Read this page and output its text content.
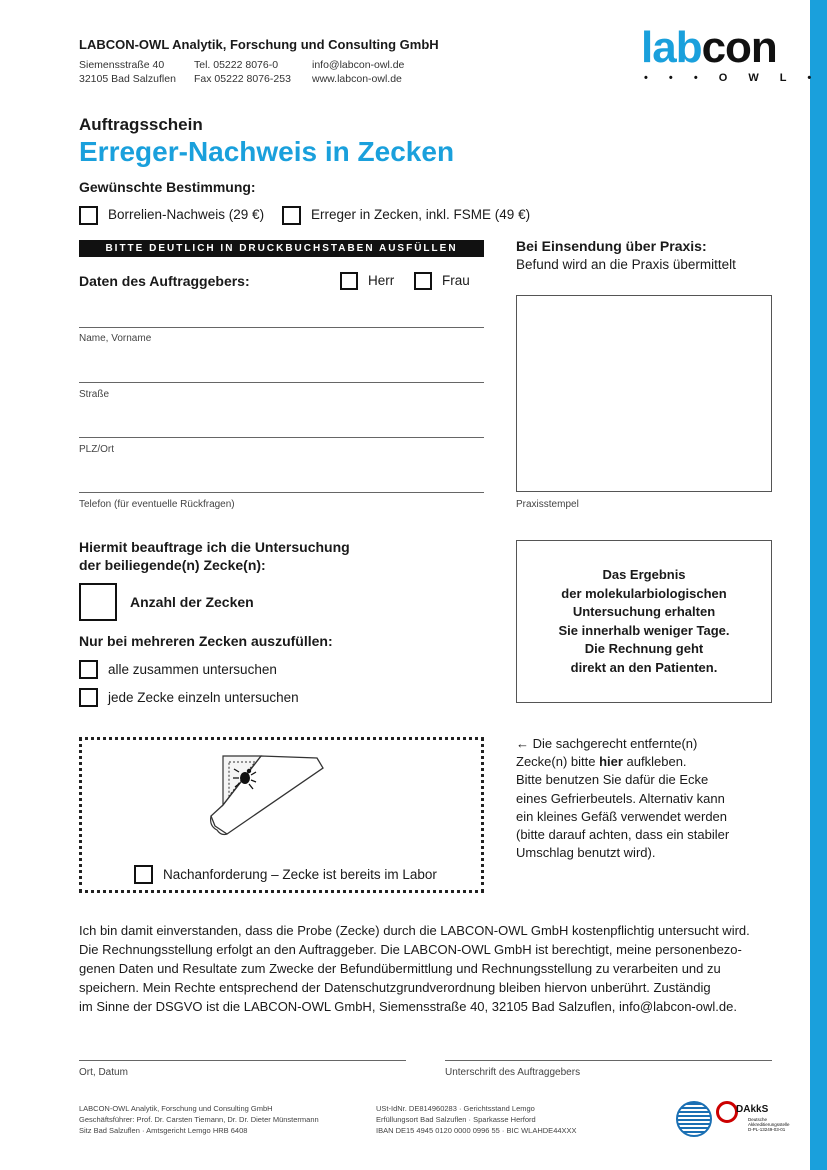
LABCON-OWL Analytik, Forschung und Consulting GmbH
Siemensstraße 40
32105 Bad Salzuflen
Tel. 05222 8076-0
Fax 05222 8076-253
info@labcon-owl.de
www.labcon-owl.de
labcon
• • • O W L •
Auftragsschein
Erreger-Nachweis in Zecken
Gewünschte Bestimmung:
Borrelien-Nachweis (29 €)	Erreger in Zecken, inkl. FSME (49 €)
BITTE DEUTLICH IN DRUCKBUCHSTABEN AUSFÜLLEN
Daten des Auftraggebers:	Herr	Frau
Name, Vorname
Straße
PLZ/Ort
Telefon (für eventuelle Rückfragen)
Bei Einsendung über Praxis:
Befund wird an die Praxis übermittelt
Praxisstempel
Hiermit beauftrage ich die Untersuchung
der beiliegende(n) Zecke(n):
Anzahl der Zecken
Nur bei mehreren Zecken auszufüllen:
alle zusammen untersuchen
jede Zecke einzeln untersuchen
Das Ergebnis
der molekularbiologischen
Untersuchung erhalten
Sie innerhalb weniger Tage.
Die Rechnung geht
direkt an den Patienten.
Nachanforderung – Zecke ist bereits im Labor
← Die sachgerecht entfernte(n)
Zecke(n) bitte hier aufkleben.
Bitte benutzen Sie dafür die Ecke
eines Gefrierbeutels. Alternativ kann
ein kleines Gefäß verwendet werden
(bitte darauf achten, dass ein stabiler
Umschlag benutzt wird).
Ich bin damit einverstanden, dass die Probe (Zecke) durch die LABCON-OWL GmbH kostenpflichtig untersucht wird.
Die Rechnungsstellung erfolgt an den Auftraggeber. Die LABCON-OWL GmbH ist berechtigt, meine personenbezo-
genen Daten und Resultate zum Zwecke der Befundübermittlung und Rechnungsstellung zu verarbeiten und zu
speichern. Mein Rechte entsprechend der Datenschutzgrundverordnung bleiben hiervon unberührt. Zuständig
im Sinne der DSGVO ist die LABCON-OWL GmbH, Siemensstraße 40, 32105 Bad Salzuflen, info@labcon-owl.de.
Ort, Datum	Unterschrift des Auftraggebers
LABCON-OWL Analytik, Forschung und Consulting GmbH
Geschäftsführer: Prof. Dr. Carsten Tiemann, Dr. Dr. Dieter Münstermann
Sitz Bad Salzuflen · Amtsgericht Lemgo HRB 6408
USt-IdNr. DE814960283 · Gerichtsstand Lemgo
Erfüllungsort Bad Salzuflen · Sparkasse Herford
IBAN DE15 4945 0120 0000 0996 55 · BIC WLAHDE44XXX
DAkkS
Deutsche
Akkreditierungsstelle
D-PL-13249-03-01
